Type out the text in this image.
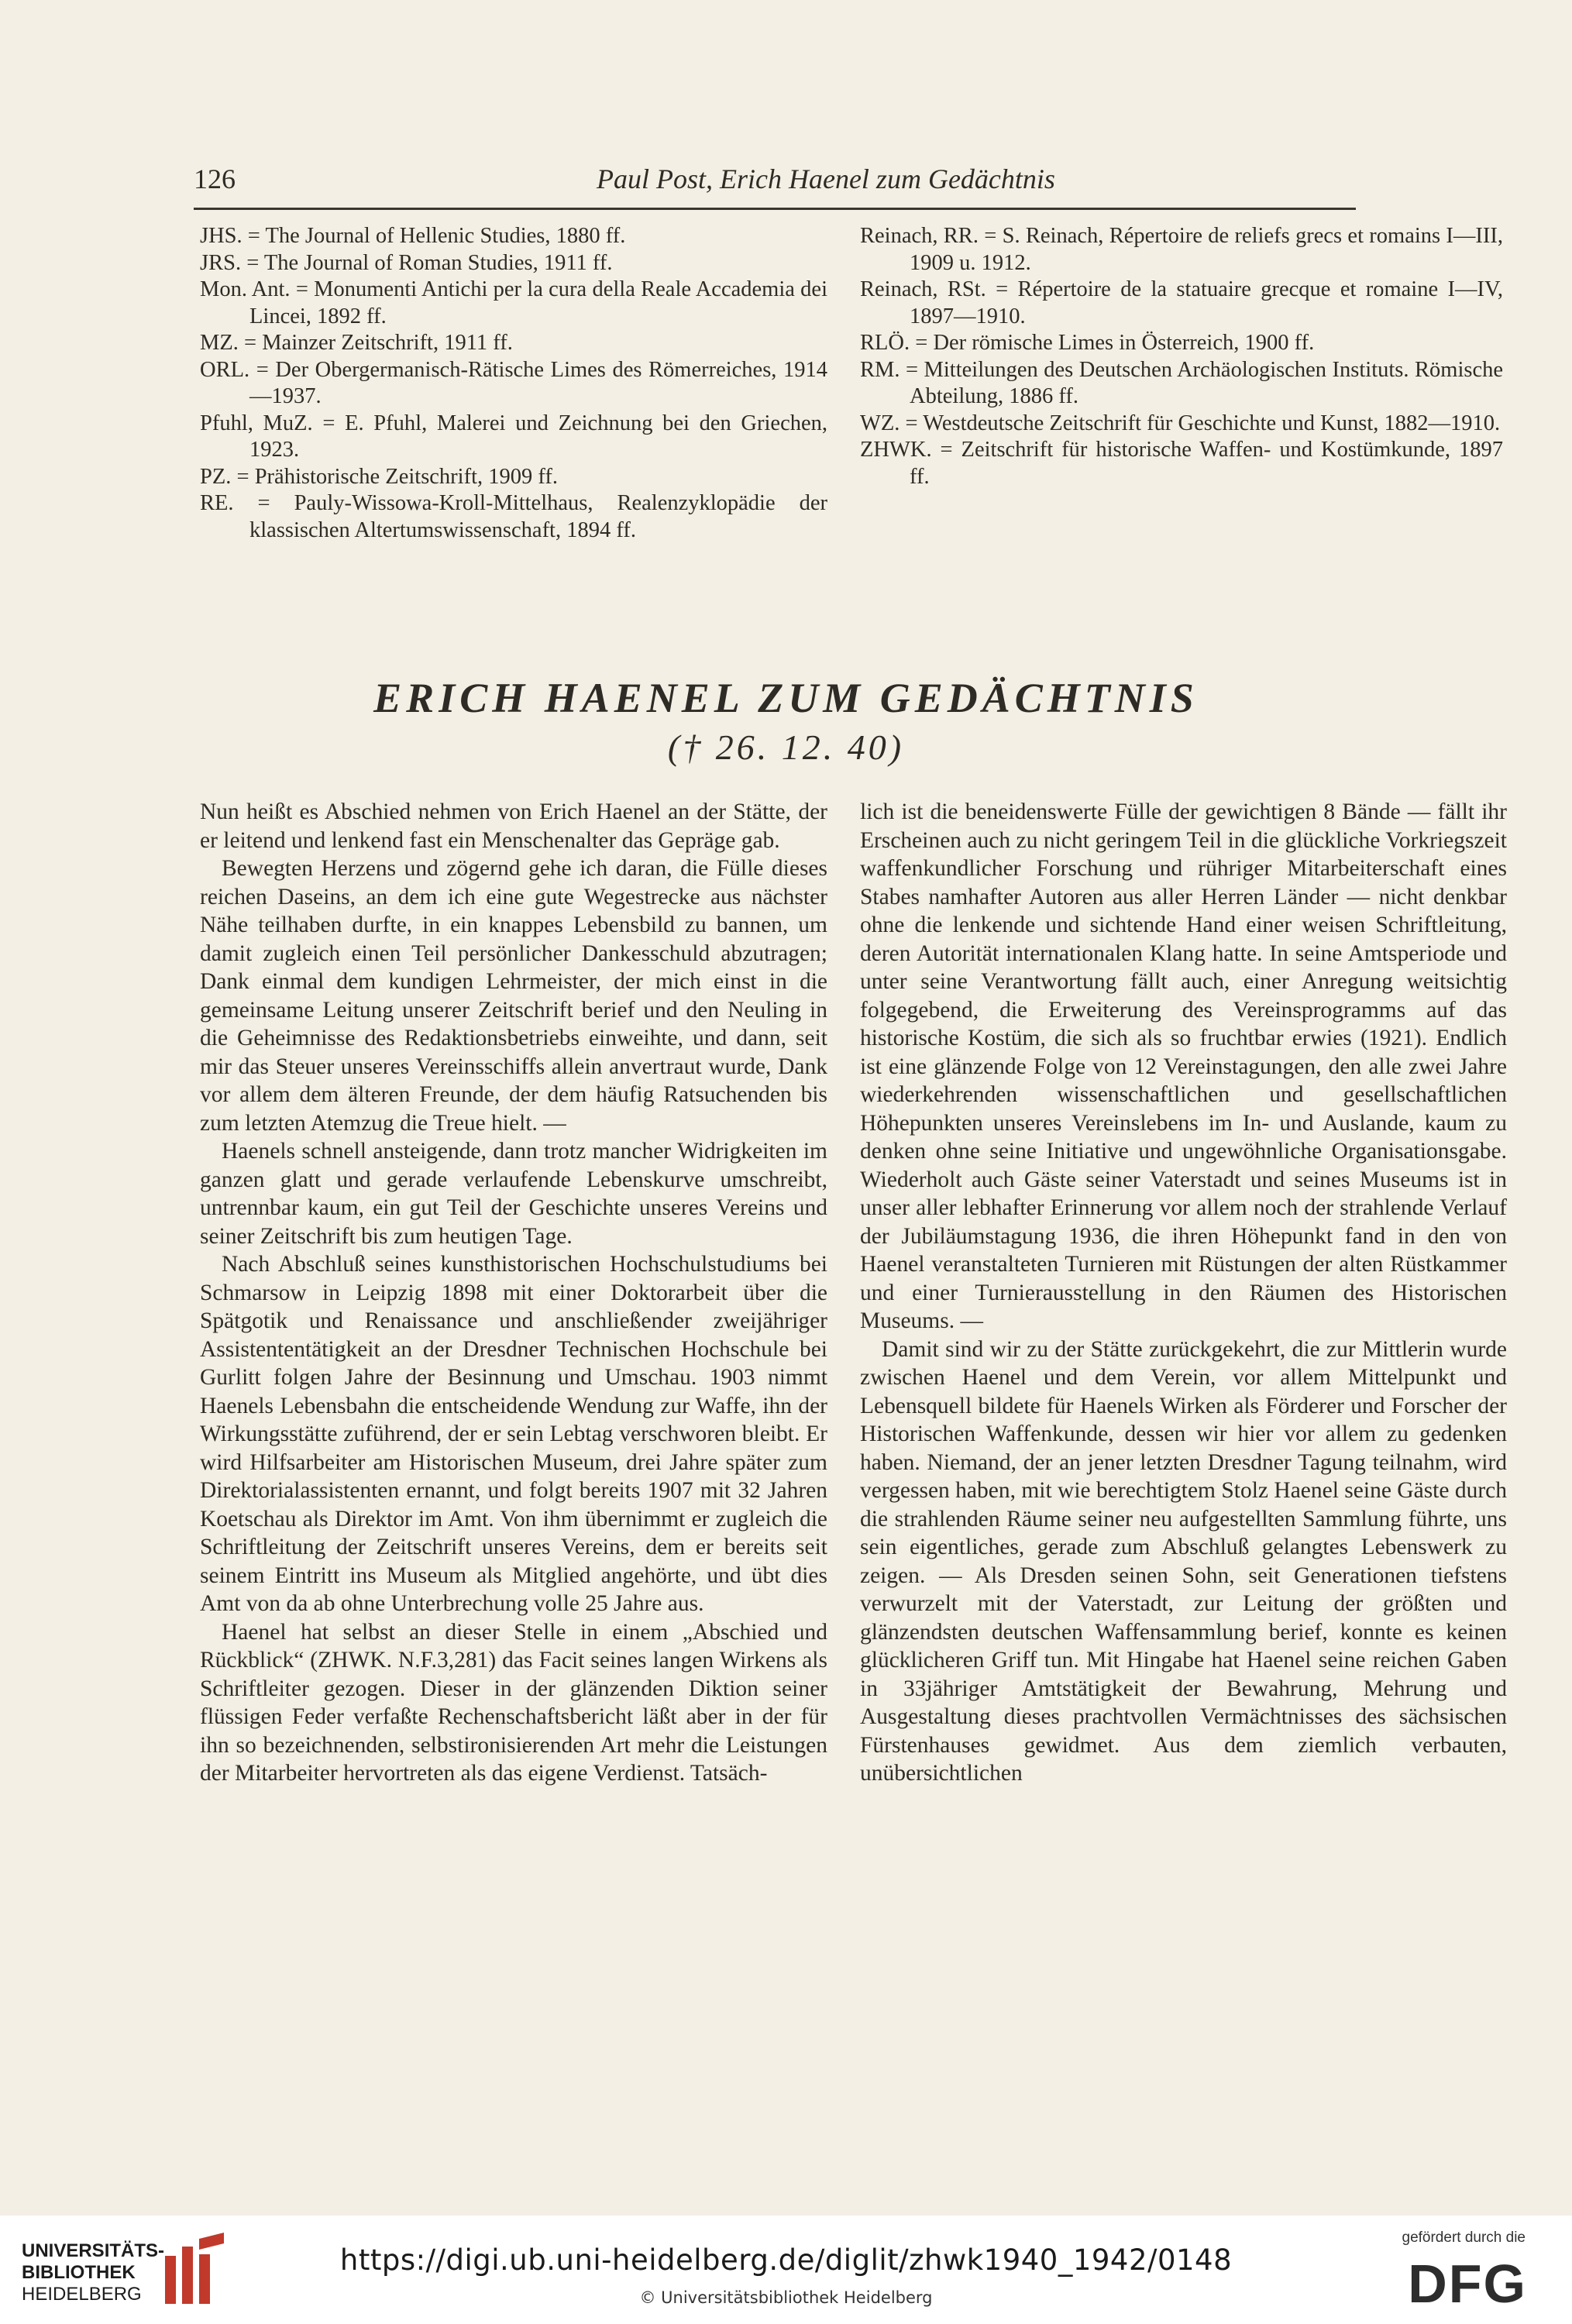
126	Paul Post, Erich Haenel zum Gedächtnis

JHS. = The Journal of Hellenic Studies, 1880 ff.

JRS. = The Journal of Roman Studies, 1911 ff.

Mon. Ant. = Monumenti Antichi per la cura della Reale Accademia dei Lincei, 1892 ff.

MZ. = Mainzer Zeitschrift, 1911 ff.

ORL. = Der Obergermanisch-Rätische Limes des Römerreiches, 1914—1937.

Pfuhl, MuZ. = E. Pfuhl, Malerei und Zeichnung bei den Griechen, 1923.

PZ. = Prähistorische Zeitschrift, 1909 ff.

RE. = Pauly-Wissowa-Kroll-Mittelhaus, Realenzyklopädie der klassischen Altertumswissenschaft, 1894 ff.

Reinach, RR. = S. Reinach, Répertoire de reliefs grecs et romains I—III, 1909 u. 1912.

Reinach, RSt. = Répertoire de la statuaire grecque et romaine I—IV, 1897—1910.

RLÖ. = Der römische Limes in Österreich, 1900 ff.

RM. = Mitteilungen des Deutschen Archäologischen Instituts. Römische Abteilung, 1886 ff.

WZ. = Westdeutsche Zeitschrift für Geschichte und Kunst, 1882—1910.

ZHWK. = Zeitschrift für historische Waffen- und Kostümkunde, 1897 ff.

ERICH HAENEL ZUM GEDÄCHTNIS
(† 26. 12. 40)

Nun heißt es Abschied nehmen von Erich Haenel an der Stätte, der er leitend und lenkend fast ein Menschenalter das Gepräge gab.

Bewegten Herzens und zögernd gehe ich daran, die Fülle dieses reichen Daseins, an dem ich eine gute Wegestrecke aus nächster Nähe teilhaben durfte, in ein knappes Lebensbild zu bannen, um damit zugleich einen Teil persönlicher Dankesschuld abzutragen; Dank einmal dem kundigen Lehrmeister, der mich einst in die gemeinsame Leitung unserer Zeitschrift berief und den Neuling in die Geheimnisse des Redaktionsbetriebs einweihte, und dann, seit mir das Steuer unseres Vereinsschiffs allein anvertraut wurde, Dank vor allem dem älteren Freunde, der dem häufig Ratsuchenden bis zum letzten Atemzug die Treue hielt. —

Haenels schnell ansteigende, dann trotz mancher Widrigkeiten im ganzen glatt und gerade verlaufende Lebenskurve umschreibt, untrennbar kaum, ein gut Teil der Geschichte unseres Vereins und seiner Zeitschrift bis zum heutigen Tage.

Nach Abschluß seines kunsthistorischen Hochschulstudiums bei Schmarsow in Leipzig 1898 mit einer Doktorarbeit über die Spätgotik und Renaissance und anschließender zweijähriger Assistententätigkeit an der Dresdner Technischen Hochschule bei Gurlitt folgen Jahre der Besinnung und Umschau. 1903 nimmt Haenels Lebensbahn die entscheidende Wendung zur Waffe, ihn der Wirkungsstätte zuführend, der er sein Lebtag verschworen bleibt. Er wird Hilfsarbeiter am Historischen Museum, drei Jahre später zum Direktorialassistenten ernannt, und folgt bereits 1907 mit 32 Jahren Koetschau als Direktor im Amt. Von ihm übernimmt er zugleich die Schriftleitung der Zeitschrift unseres Vereins, dem er bereits seit seinem Eintritt ins Museum als Mitglied angehörte, und übt dies Amt von da ab ohne Unterbrechung volle 25 Jahre aus.

Haenel hat selbst an dieser Stelle in einem „Abschied und Rückblick“ (ZHWK. N.F.3,281) das Facit seines langen Wirkens als Schriftleiter gezogen. Dieser in der glänzenden Diktion seiner flüssigen Feder verfaßte Rechenschaftsbericht läßt aber in der für ihn so bezeichnenden, selbstironisierenden Art mehr die Leistungen der Mitarbeiter hervortreten als das eigene Verdienst. Tatsäch-

lich ist die beneidenswerte Fülle der gewichtigen 8 Bände — fällt ihr Erscheinen auch zu nicht geringem Teil in die glückliche Vorkriegszeit waffenkundlicher Forschung und rühriger Mitarbeiterschaft eines Stabes namhafter Autoren aus aller Herren Länder — nicht denkbar ohne die lenkende und sichtende Hand einer weisen Schriftleitung, deren Autorität internationalen Klang hatte. In seine Amtsperiode und unter seine Verantwortung fällt auch, einer Anregung weitsichtig folgegebend, die Erweiterung des Vereinsprogramms auf das historische Kostüm, die sich als so fruchtbar erwies (1921). Endlich ist eine glänzende Folge von 12 Vereinstagungen, den alle zwei Jahre wiederkehrenden wissenschaftlichen und gesellschaftlichen Höhepunkten unseres Vereinslebens im In- und Auslande, kaum zu denken ohne seine Initiative und ungewöhnliche Organisationsgabe. Wiederholt auch Gäste seiner Vaterstadt und seines Museums ist in unser aller lebhafter Erinnerung vor allem noch der strahlende Verlauf der Jubiläumstagung 1936, die ihren Höhepunkt fand in den von Haenel veranstalteten Turnieren mit Rüstungen der alten Rüstkammer und einer Turnierausstellung in den Räumen des Historischen Museums. —

Damit sind wir zu der Stätte zurückgekehrt, die zur Mittlerin wurde zwischen Haenel und dem Verein, vor allem Mittelpunkt und Lebensquell bildete für Haenels Wirken als Förderer und Forscher der Historischen Waffenkunde, dessen wir hier vor allem zu gedenken haben. Niemand, der an jener letzten Dresdner Tagung teilnahm, wird vergessen haben, mit wie berechtigtem Stolz Haenel seine Gäste durch die strahlenden Räume seiner neu aufgestellten Sammlung führte, uns sein eigentliches, gerade zum Abschluß gelangtes Lebenswerk zu zeigen. — Als Dresden seinen Sohn, seit Generationen tiefstens verwurzelt mit der Vaterstadt, zur Leitung der größten und glänzendsten deutschen Waffensammlung berief, konnte es keinen glücklicheren Griff tun. Mit Hingabe hat Haenel seine reichen Gaben in 33jähriger Amtstätigkeit der Bewahrung, Mehrung und Ausgestaltung dieses prachtvollen Vermächtnisses des sächsischen Fürstenhauses gewidmet. Aus dem ziemlich verbauten, unübersichtlichen

UNIVERSITÄTS-
BIBLIOTHEK
HEIDELBERG
https://digi.ub.uni-heidelberg.de/diglit/zhwk1940_1942/0148
© Universitätsbibliothek Heidelberg
gefördert durch die
DFG
